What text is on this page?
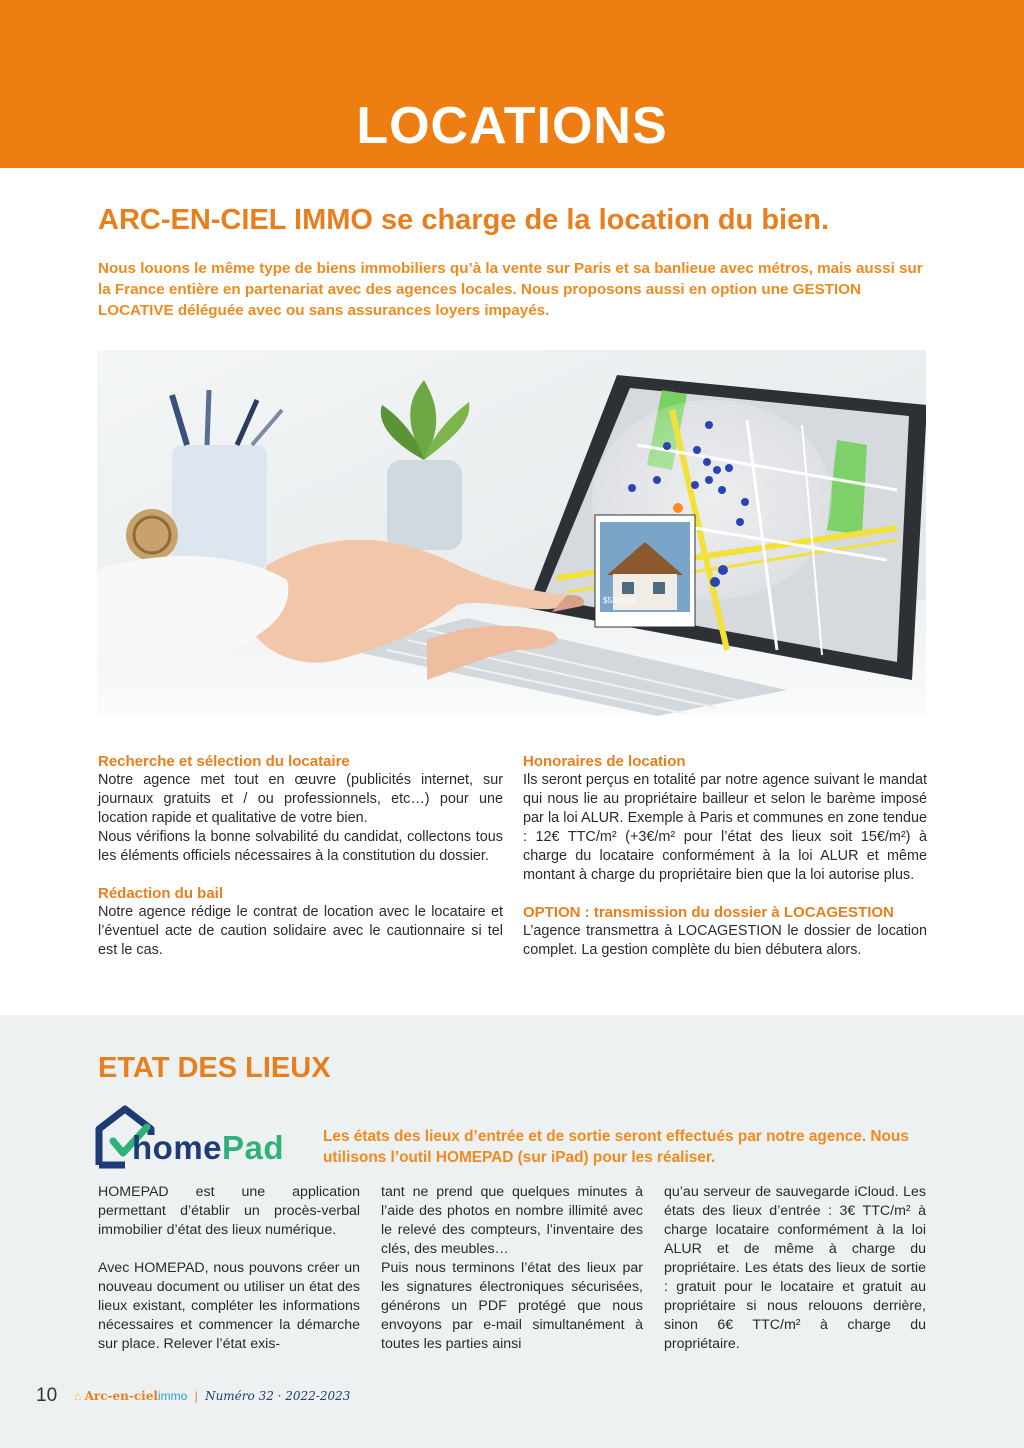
LOCATIONS
ARC-EN-CIEL IMMO se charge de la location du bien.
Nous louons le même type de biens immobiliers qu’à la vente sur Paris et sa banlieue avec métros, mais aussi sur la France entière en partenariat avec des agences locales. Nous proposons aussi en option une GESTION LOCATIVE déléguée avec ou sans assurances loyers impayés.
$530 000
Recherche et sélection du locataire

Notre agence met tout en œuvre (publicités internet, sur journaux gratuits et / ou professionnels, etc…) pour une location rapide et qualitative de votre bien.

Nous vérifions la bonne solvabilité du candidat, collectons tous les éléments officiels nécessaires à la constitution du dossier.

Rédaction du bail

Notre agence rédige le contrat de location avec le locataire et l’éventuel acte de caution solidaire avec le cautionnaire si tel est le cas.

Honoraires de location

Ils seront perçus en totalité par notre agence suivant le mandat qui nous lie au propriétaire bailleur et selon le barème imposé par la loi ALUR. Exemple à Paris et communes en zone tendue : 12€ TTC/m² (+3€/m² pour l’état des lieux soit 15€/m²) à charge du locataire conformément à la loi ALUR et même montant à charge du propriétaire bien que la loi autorise plus.

OPTION : transmission du dossier à LOCAGESTION

L’agence transmettra à LOCAGESTION le dossier de location complet. La gestion complète du bien débutera alors.

ETAT DES LIEUX
homePad	Les états des lieux d’entrée et de sortie seront effectués par notre agence. Nous utilisons l’outil HOMEPAD (sur iPad) pour les réaliser.

HOMEPAD est une application permettant d’établir un procès-verbal immobilier d’état des lieux numérique.

Avec HOMEPAD, nous pouvons créer un nouveau document ou utiliser un état des lieux existant, compléter les informations nécessaires et commencer la démarche sur place. Relever l’état exis-

tant ne prend que quelques minutes à l’aide des photos en nombre illimité avec le relevé des compteurs, l’inventaire des clés, des meubles…

Puis nous terminons l’état des lieux par les signatures électroniques sécurisées, générons un PDF protégé que nous envoyons par e-mail simultanément à toutes les parties ainsi

qu’au serveur de sauvegarde iCloud. Les états des lieux d’entrée : 3€ TTC/m² à charge locataire conformément à la loi ALUR et de même à charge du propriétaire. Les états des lieux de sortie : gratuit pour le locataire et gratuit au propriétaire si nous relouons derrière, sinon 6€ TTC/m² à charge du propriétaire.

10 ⌂ Arc-en-cielimmo | Numéro 32 · 2022-2023
